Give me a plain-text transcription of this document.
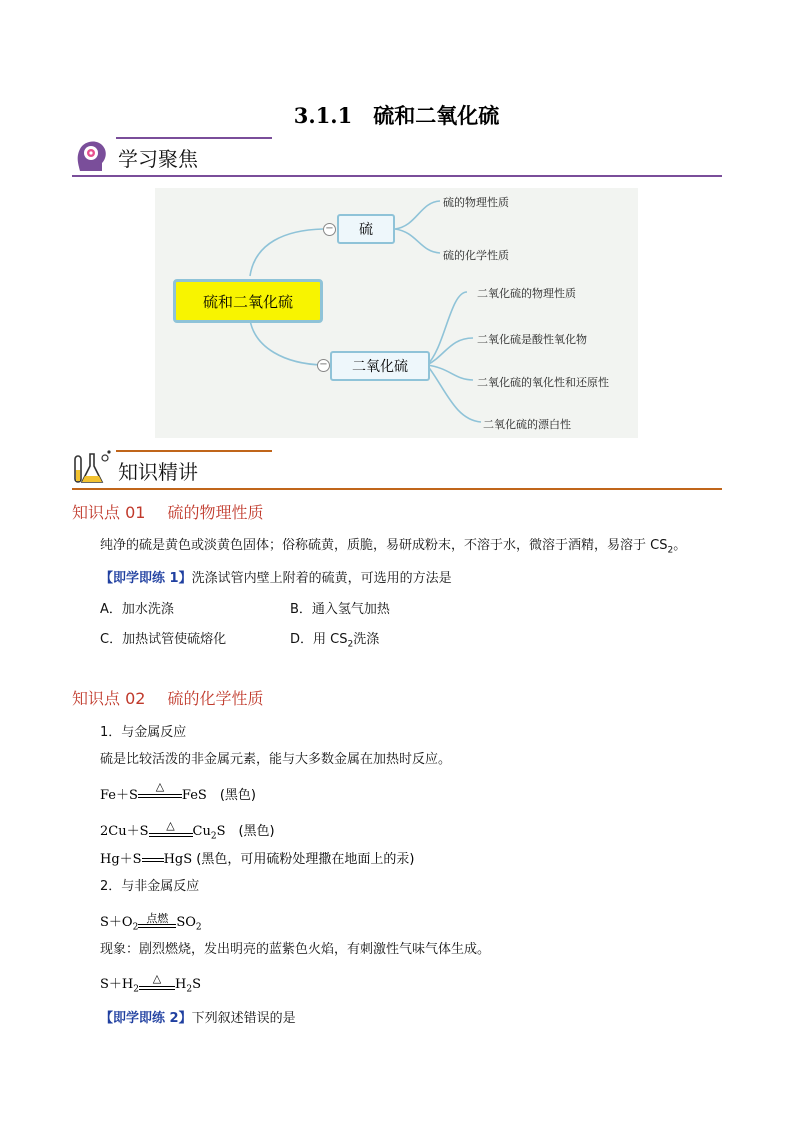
3.1.1　硫和二氧化硫
学习聚焦
硫和二氧化硫
−	硫
−	二氧化硫
硫的物理性质
硫的化学性质
二氧化硫的物理性质
二氧化硫是酸性氧化物
二氧化硫的氧化性和还原性
二氧化硫的漂白性
知识精讲
知识点 01 硫的物理性质
纯净的硫是黄色或淡黄色固体；俗称硫黄，质脆，易研成粉末，不溶于水，微溶于酒精，易溶于 $CS_2$。
【即学即练 1】洗涤试管内壁上附着的硫黄，可选用的方法是
A．加水洗涤	B．通入氢气加热
C．加热试管使硫熔化	D．用 $CS_2$洗涤
知识点 02 硫的化学性质
1．与金属反应
硫是比较活泼的非金属元素，能与大多数金属在加热时反应。
Fe＋S
△
FeS　 (黑色)
2Cu＋S	△	$Cu_2S$　 (黑色)
Hg＋S HgS (黑色，可用硫粉处理撒在地面上的汞)
2．与非金属反应
$S+O_2$
点燃 $SO_2$
现象：剧烈燃烧，发出明亮的蓝紫色火焰，有刺激性气味气体生成。
$S+H_2$
△	$H_2S$
【即学即练 2】下列叙述错误的是
